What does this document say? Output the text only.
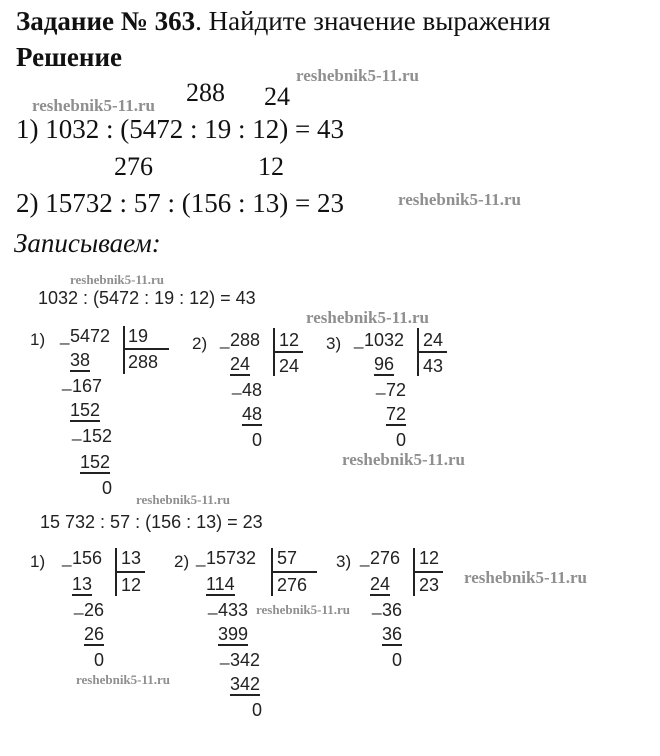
Задание № 363. Найдите значение выражения
Решение
288 24
reshebnik5-11.ru
reshebnik5-11.ru
1) 1032 : (5472 : 19 : 12) = 43
276	12
2) 15732 : 57 : (156 : 13) = 23	reshebnik5-11.ru
Записываем:
reshebnik5-11.ru
1032 : (5472 : 19 : 12) = 43
reshebnik5-11.ru
1) _ 5472 19
288
38
_ 167
152
_ 152
152
0
2) _ 288 12
24
24
_ 48
48
0
3) _ 1032 24
43
96
_ 72
72
0
reshebnik5-11.ru
reshebnik5-11.ru
15 732 : 57 : (156 : 13) = 23
1) _ 156 13
12
13
_ 26
26
0
reshebnik5-11.ru
2) _ 15732 57
276
114
_ 433 reshebnik5-11.ru
399
_ 342
342
0
3) _ 276 12
23
24
_ 36
36
0
reshebnik5-11.ru
